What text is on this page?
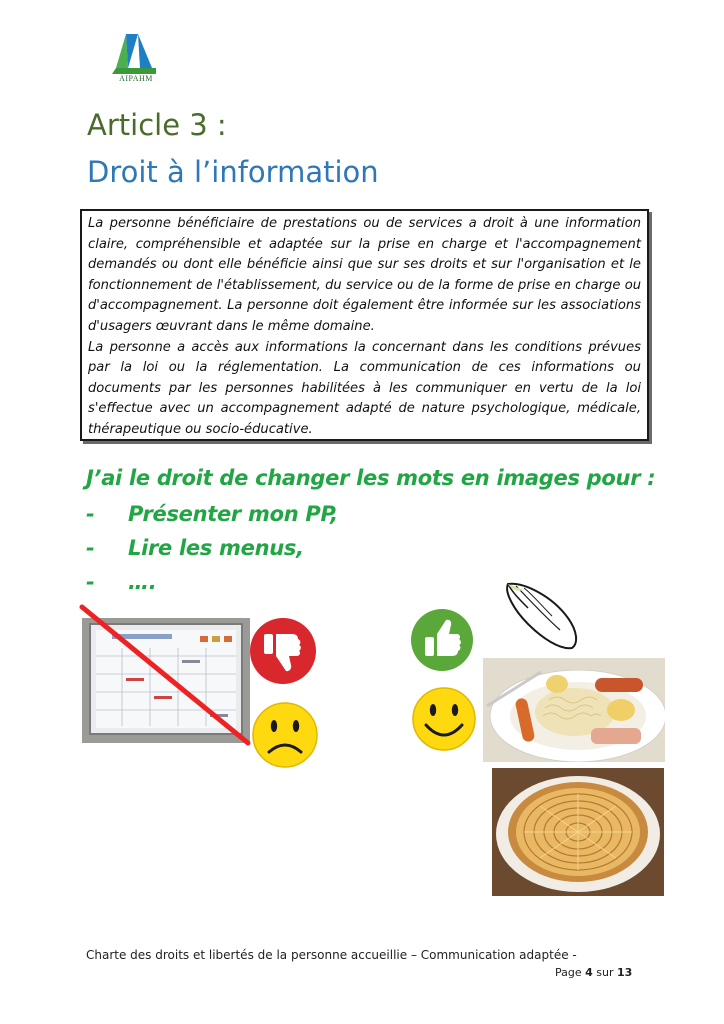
AIPAHM
Article 3 :
Droit à l’information

La personne bénéficiaire de prestations ou de services a droit à une information claire, compréhensible et adaptée sur la prise en charge et l'accompagnement demandés ou dont elle bénéficie ainsi que sur ses droits et sur l'organisation et le fonctionnement de l'établissement, du service ou de la forme de prise en charge ou d'accompagnement. La personne doit également être informée sur les associations d'usagers œuvrant dans le même domaine.

La personne a accès aux informations la concernant dans les conditions prévues par la loi ou la réglementation. La communication de ces informations ou documents par les personnes habilitées à les communiquer en vertu de la loi s'effectue avec un accompagnement adapté de nature psychologique, médicale, thérapeutique ou socio-éducative.

J’ai le droit de changer les mots en images pour :

-	Présenter mon PP,
-	Lire les menus,
-	….
Charte des droits et libertés de la personne accueillie – Communication adaptée -
Page 4 sur 13
